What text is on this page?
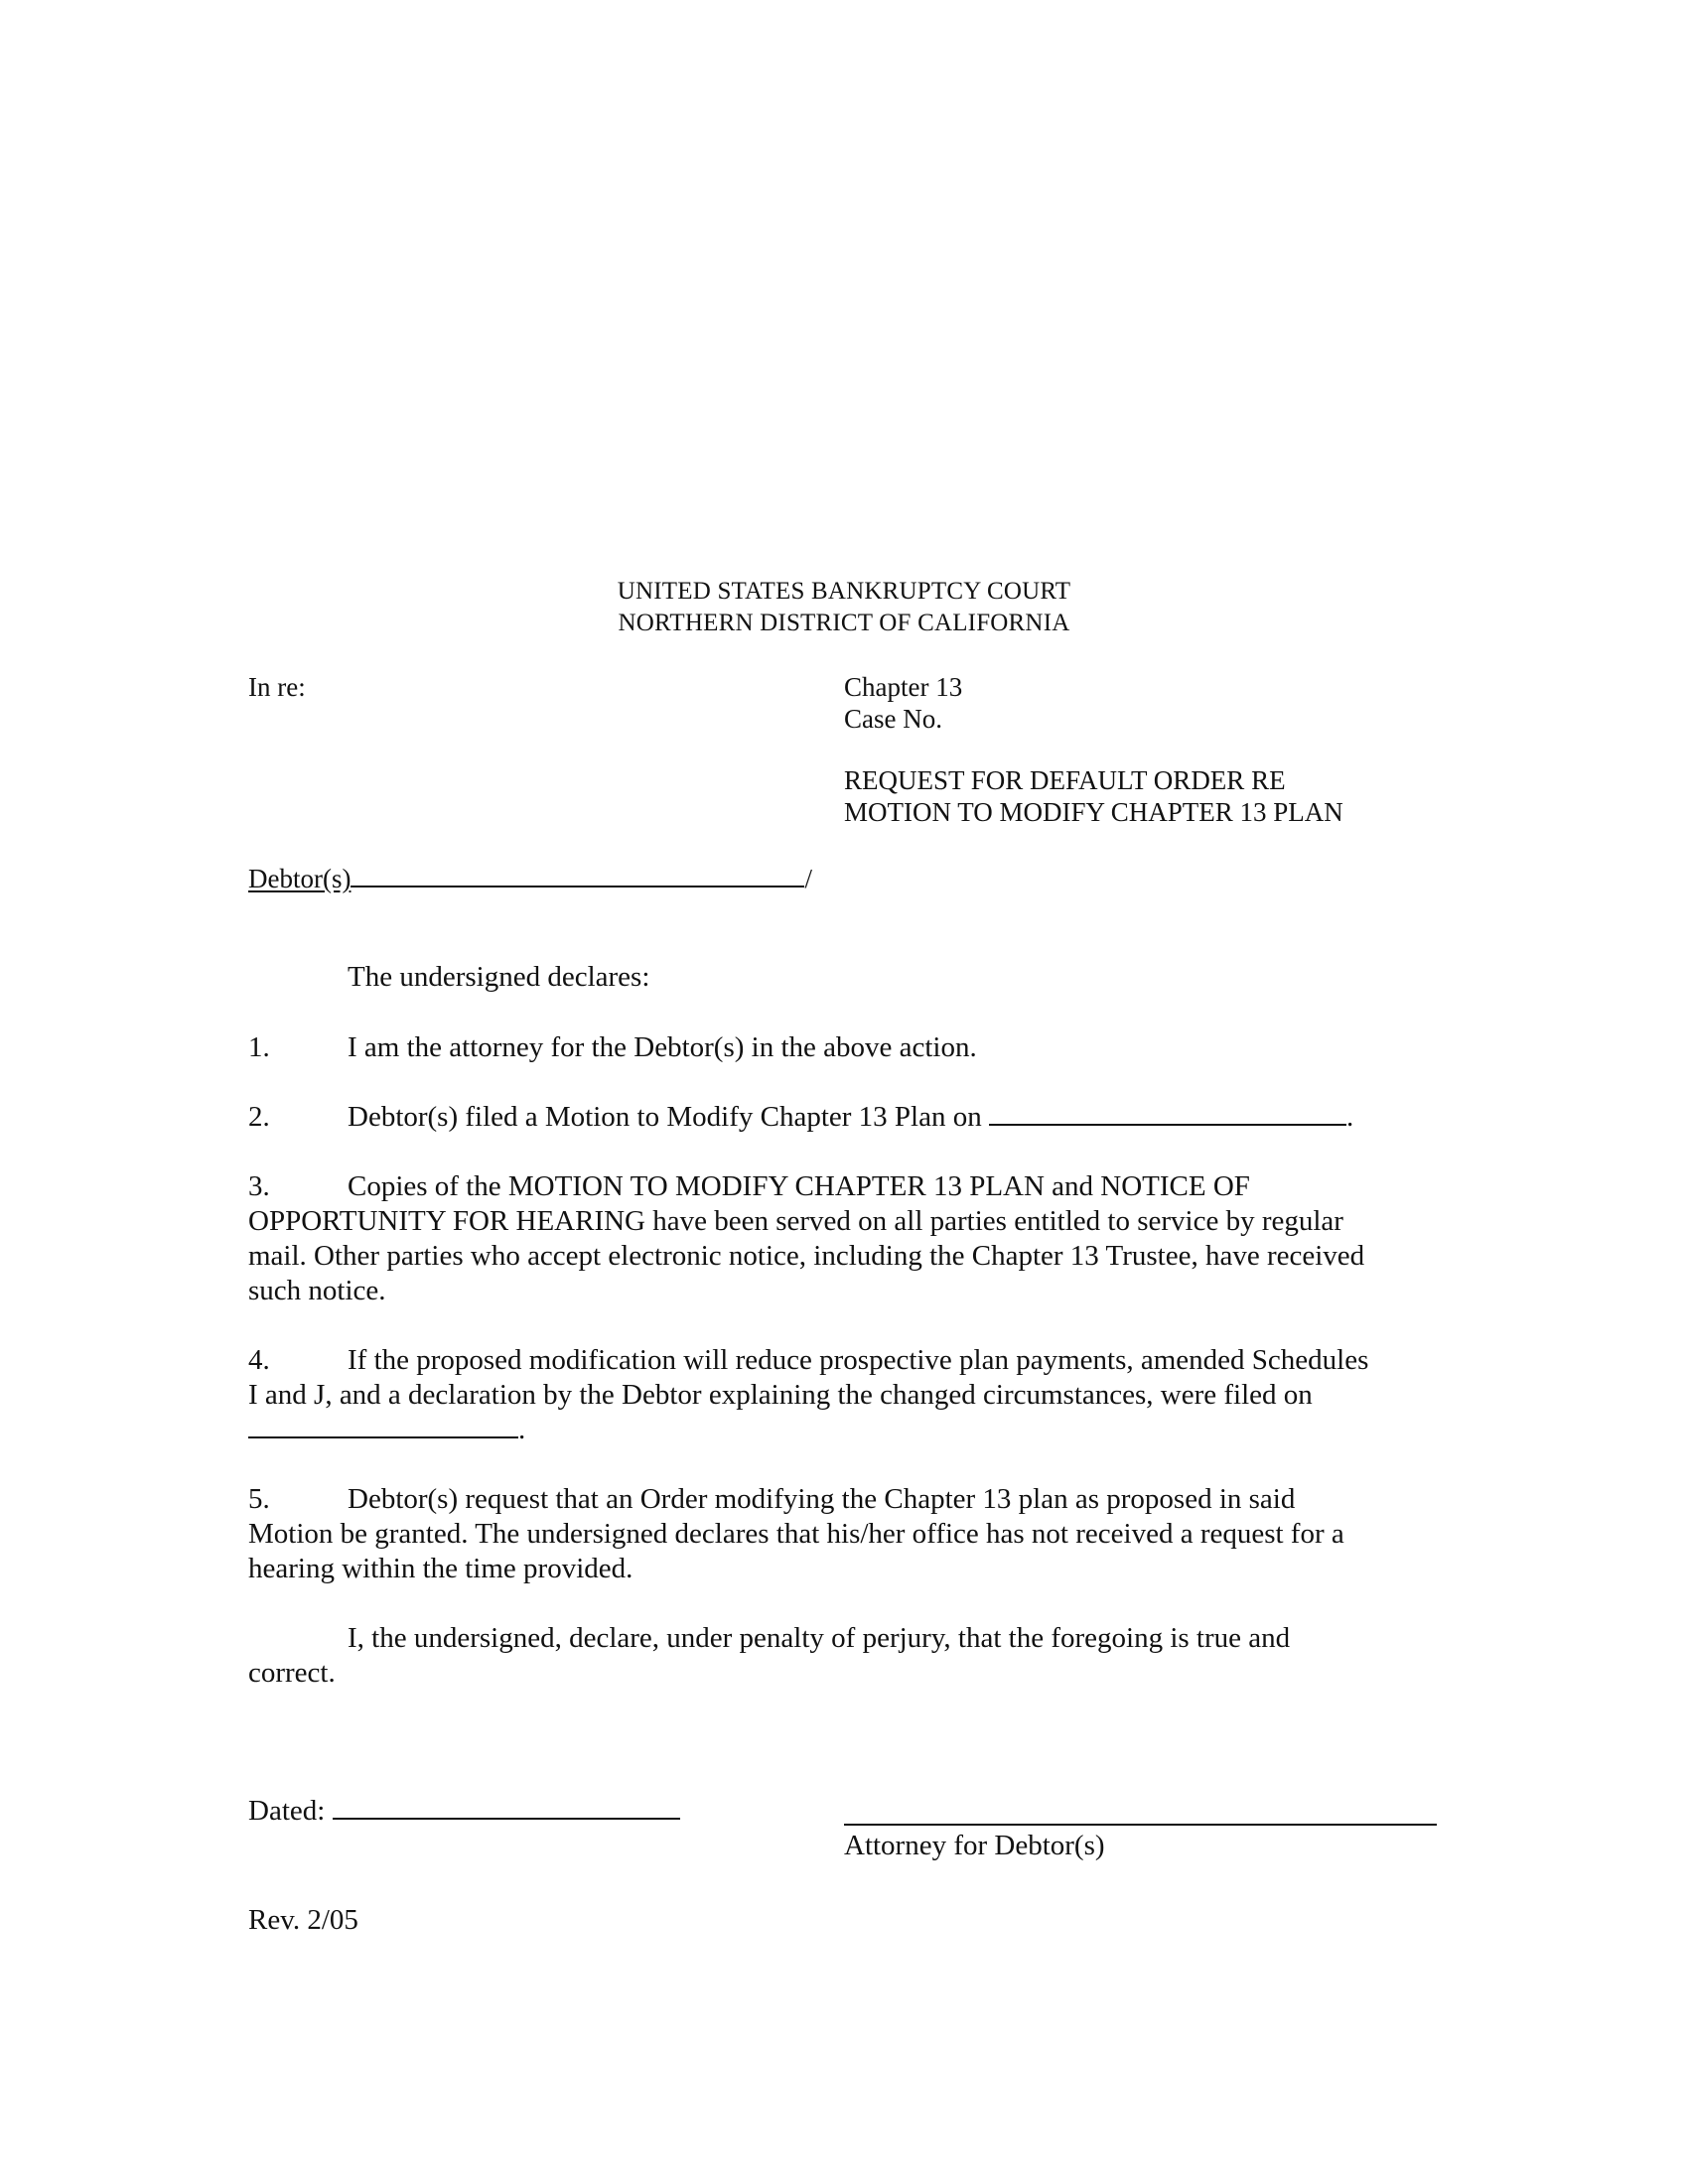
UNITED STATES BANKRUPTCY COURT
NORTHERN DISTRICT OF CALIFORNIA
In re:	Chapter 13
Case No.
REQUEST FOR DEFAULT ORDER RE
MOTION TO MODIFY CHAPTER 13 PLAN
Debtor(s)	/
The undersigned declares:
1.	I am the attorney for the Debtor(s) in the above action.
2.	Debtor(s) filed a Motion to Modify Chapter 13 Plan on	.
3.	Copies of the MOTION TO MODIFY CHAPTER 13 PLAN and NOTICE OF
OPPORTUNITY FOR HEARING have been served on all parties entitled to service by regular
mail. Other parties who accept electronic notice, including the Chapter 13 Trustee, have received
such notice.
4.	If the proposed modification will reduce prospective plan payments, amended Schedules
I and J, and a declaration by the Debtor explaining the changed circumstances, were filed on
.
5.	Debtor(s) request that an Order modifying the Chapter 13 plan as proposed in said
Motion be granted. The undersigned declares that his/her office has not received a request for a
hearing within the time provided.
I, the undersigned, declare, under penalty of perjury, that the foregoing is true and
correct.
Dated:
Attorney for Debtor(s)
Rev. 2/05
